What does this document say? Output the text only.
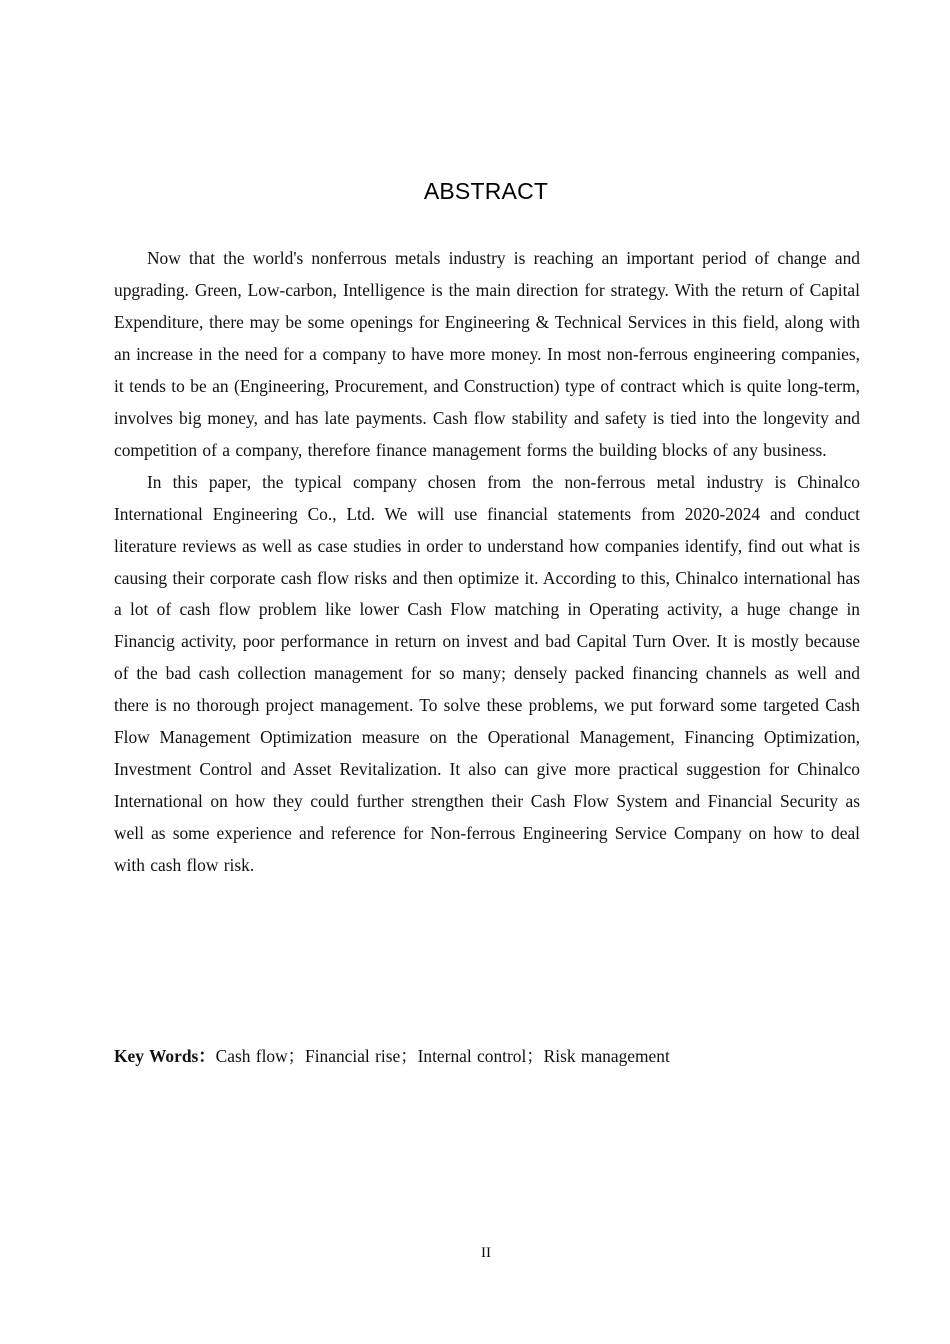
ABSTRACT

Now that the world's nonferrous metals industry is reaching an important period of change and upgrading. Green, Low-carbon, Intelligence is the main direction for strategy. With the return of Capital Expenditure, there may be some openings for Engineering & Technical Services in this field, along with an increase in the need for a company to have more money. In most non-ferrous engineering companies, it tends to be an (Engineering, Procurement, and Construction) type of contract which is quite long-term, involves big money, and has late payments. Cash flow stability and safety is tied into the longevity and competition of a company, therefore finance management forms the building blocks of any business.

In this paper, the typical company chosen from the non-ferrous metal industry is Chinalco International Engineering Co., Ltd. We will use financial statements from 2020-2024 and conduct literature reviews as well as case studies in order to understand how companies identify, find out what is causing their corporate cash flow risks and then optimize it. According to this, Chinalco international has a lot of cash flow problem like lower Cash Flow matching in Operating activity, a huge change in Financig activity, poor performance in return on invest and bad Capital Turn Over. It is mostly because of the bad cash collection management for so many; densely packed financing channels as well and there is no thorough project management. To solve these problems, we put forward some targeted Cash Flow Management Optimization measure on the Operational Management, Financing Optimization, Investment Control and Asset Revitalization. It also can give more practical suggestion for Chinalco International on how they could further strengthen their Cash Flow System and Financial Security as well as some experience and reference for Non-ferrous Engineering Service Company on how to deal with cash flow risk.

Key Words：Cash flow；Financial rise；Internal control；Risk management
II
